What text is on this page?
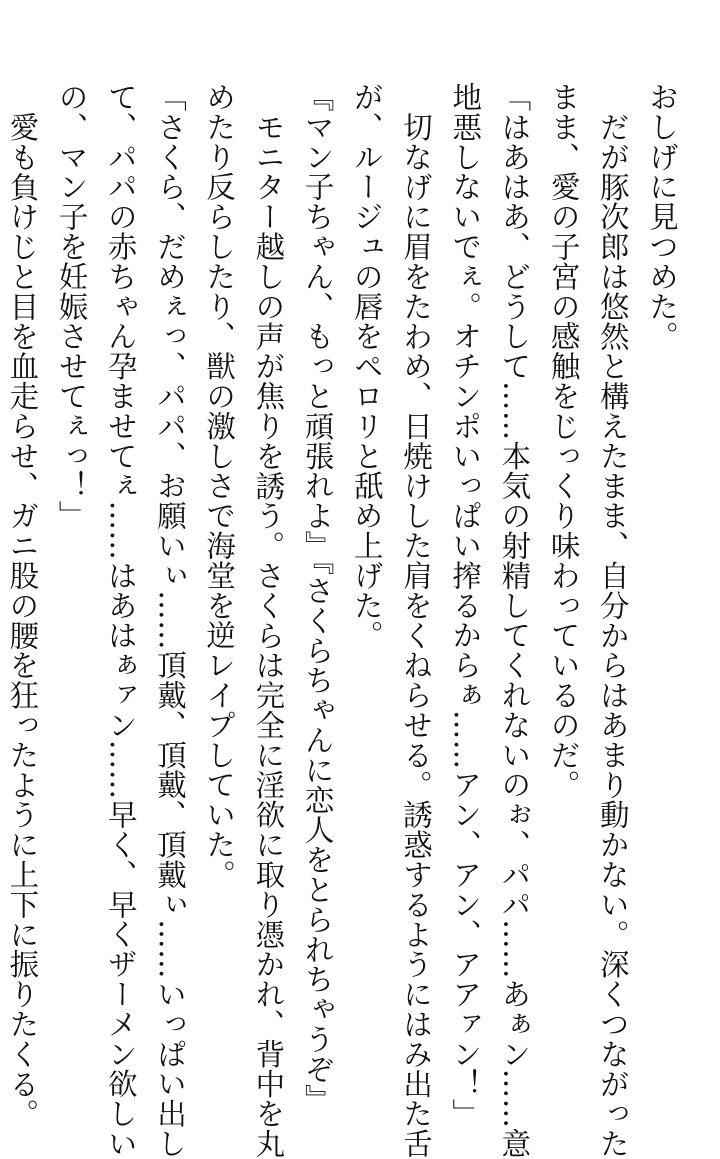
おしげに見つめた。
だが豚次郎は悠然と構えたまま、自分からはあまり動かない。深くつながった
まま、愛の子宮の感触をじっくり味わっているのだ。
「はあはあ、どうして……本気の射精してくれないのぉ、パパ……あぁン……意
地悪しないでぇ。オチンポいっぱい搾るからぁ……アン、アン、アアァン！」
切なげに眉をたわめ、日焼けした肩をくねらせる。誘惑するようにはみ出た舌
が、ルージュの唇をペロリと舐め上げた。
『マン子ちゃん、もっと頑張れよ』『さくらちゃんに恋人をとられちゃうぞ』
モニター越しの声が焦りを誘う。さくらは完全に淫欲に取り憑かれ、背中を丸
めたり反らしたり、獣の激しさで海堂を逆レイプしていた。
「さくら、だめぇっ、パパ、お願いぃ……頂戴、頂戴、頂戴ぃ……いっぱい出し
て、パパの赤ちゃん孕ませてぇ……はあはぁァン……早く、早くザーメン欲しい
の、マン子を妊娠させてぇっ！」
愛も負けじと目を血走らせ、ガニ股の腰を狂ったように上下に振りたくる。
